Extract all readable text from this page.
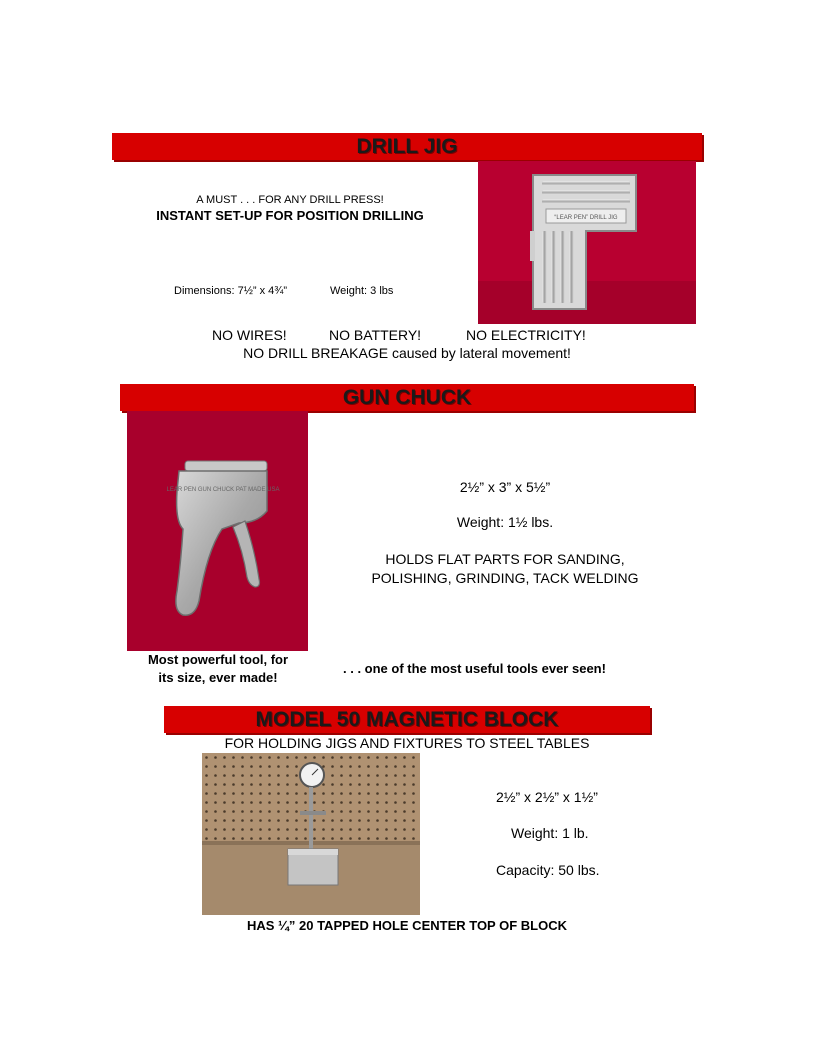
DRILL JIG
A MUST . . . FOR ANY DRILL PRESS!
INSTANT SET-UP FOR POSITION DRILLING
Dimensions: 7½” x 4¾”	Weight: 3 lbs
“LEAR PEN” DRILL JIG
NO WIRES!	NO BATTERY!	NO ELECTRICITY!
NO DRILL BREAKAGE caused by lateral movement!
GUN CHUCK
LEAR PEN GUN CHUCK PAT MADE USA	2½” x 3” x 5½”
Weight: 1½ lbs.
HOLDS FLAT PARTS FOR SANDING,
POLISHING, GRINDING, TACK WELDING
Most powerful tool, for
its size, ever made!
. . . one of the most useful tools ever seen!
MODEL 50 MAGNETIC BLOCK
FOR HOLDING JIGS AND FIXTURES TO STEEL TABLES
2½” x 2½” x 1½”
Weight: 1 lb.
Capacity: 50 lbs.
HAS ¼” 20 TAPPED HOLE CENTER TOP OF BLOCK
